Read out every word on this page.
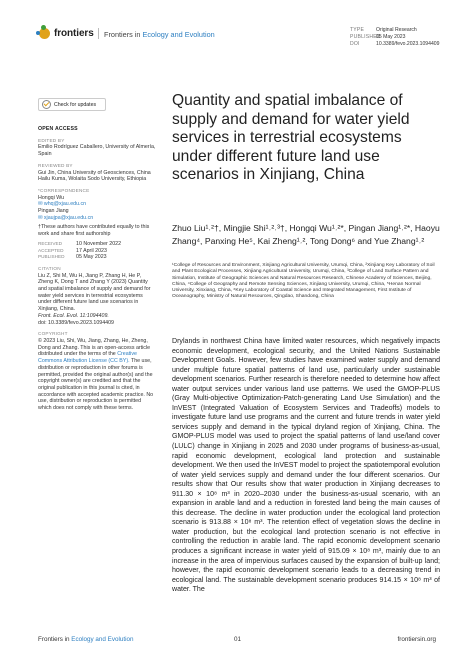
frontiers Frontiers in Ecology and Evolution	TYPE Original Research
PUBLISHED05 May 2023
DOI	10.3389/fevo.2023.1094409
Check for updates
OPEN ACCESS
EDITED BY

Emilio Rodríguez Caballero, University of Almería, Spain

REVIEWED BY

Gui Jin, China University of Geosciences, China

Hailu Kuma, Wolaita Sodo University, Ethiopia

*CORRESPONDENCE

Hongqi Wu

✉ whq@xjau.edu.cn

Pingan Jiang

✉ xjaujpa@xjau.edu.cn

†These authors have contributed equally to this work and share first authorship

RECEIVED	10 November 2022
ACCEPTED 17 April 2023
PUBLISHED 05 May 2023
CITATION

Liu Z, Shi M, Wu H, Jiang P, Zhang H, He P, Zheng K, Dong T and Zhang Y (2023) Quantity and spatial imbalance of supply and demand for water yield services in terrestrial ecosystems under different future land use scenarios in Xinjiang, China.

Front. Ecol. Evol. 11:1094409.

doi: 10.3389/fevo.2023.1094409

COPYRIGHT

© 2023 Liu, Shi, Wu, Jiang, Zhang, He, Zheng, Dong and Zhang. This is an open-access article distributed under the terms of the Creative Commons Attribution License (CC BY). The use, distribution or reproduction in other forums is permitted, provided the original author(s) and the copyright owner(s) are credited and that the original publication in this journal is cited, in accordance with accepted academic practice. No use, distribution or reproduction is permitted which does not comply with these terms.

Quantity and spatial imbalance of supply and demand for water yield services in terrestrial ecosystems under different future land use scenarios in Xinjiang, China
Zhuo Liu¹˒²†, Mingjie Shi¹˒²˒³†, Hongqi Wu¹˒²*, Pingan Jiang¹˒²*, Haoyu Zhang⁴, Panxing He⁵, Kai Zheng¹˒², Tong Dong⁶ and Yue Zhang¹˒²
¹College of Resources and Environment, Xinjiang Agricultural University, Urumqi, China, ²Xinjiang Key Laboratory of Soil and Plant Ecological Processes, Xinjiang Agricultural University, Urumqi, China, ³College of Land Surface Pattern and Simulation, Institute of Geographic Sciences and Natural Resources Research, Chinese Academy of Sciences, Beijing, China, ⁴College of Geography and Remote Sensing Sciences, Xinjiang University, Urumqi, China, ⁵Henan Normal University, Xinxiang, China, ⁶Key Laboratory of Coastal Science and Integrated Management, First Institute of Oceanography, Ministry of Natural Resources, Qingdao, Shandong, China
Drylands in northwest China have limited water resources, which negatively impacts economic development, ecological security, and the United Nations Sustainable Development Goals. However, few studies have examined water supply and demand under multiple future spatial patterns of land use, particularly under sustainable development scenarios. Further research is therefore needed to determine how affect water output services under various land use patterns. We used the GMOP-PLUS (Gray Multi-objective Optimization-Patch-generating Land Use Simulation) and the InVEST (Integrated Valuation of Ecosystem Services and Tradeoffs) models to investigate future land use programs and the current and future trends in water yield services supply and demand in the typical dryland region of Xinjiang, China. The GMOP-PLUS model was used to project the spatial patterns of land use/land cover (LULC) change in Xinjiang in 2025 and 2030 under programs of business-as-usual, rapid economic development, ecological land protection and sustainable development. We then used the InVEST model to project the spatiotemporal evolution of water yield services supply and demand under the four different scenarios. Our results show that Our results show that water production in Xinjiang decreases to 911.30 × 10⁸ m³ in 2020–2030 under the business-as-usual scenario, with an expansion in arable land and a reduction in forested land being the main causes of this decrease. The decline in water production under the ecological land protection scenario is 913.88 × 10⁸ m³. The retention effect of vegetation slows the decline in water production, but the ecological land protection scenario is not effective in controlling the reduction in arable land. The rapid economic development scenario produces a significant increase in water yield of 915.09 × 10⁸ m³, mainly due to an increase in the area of impervious surfaces caused by the expansion of built-up land; however, the rapid economic development scenario leads to a decreasing trend in ecological land. The sustainable development scenario produces 914.15 × 10⁸ m³ of water. The
Frontiers in Ecology and Evolution	01	frontiersin.org
